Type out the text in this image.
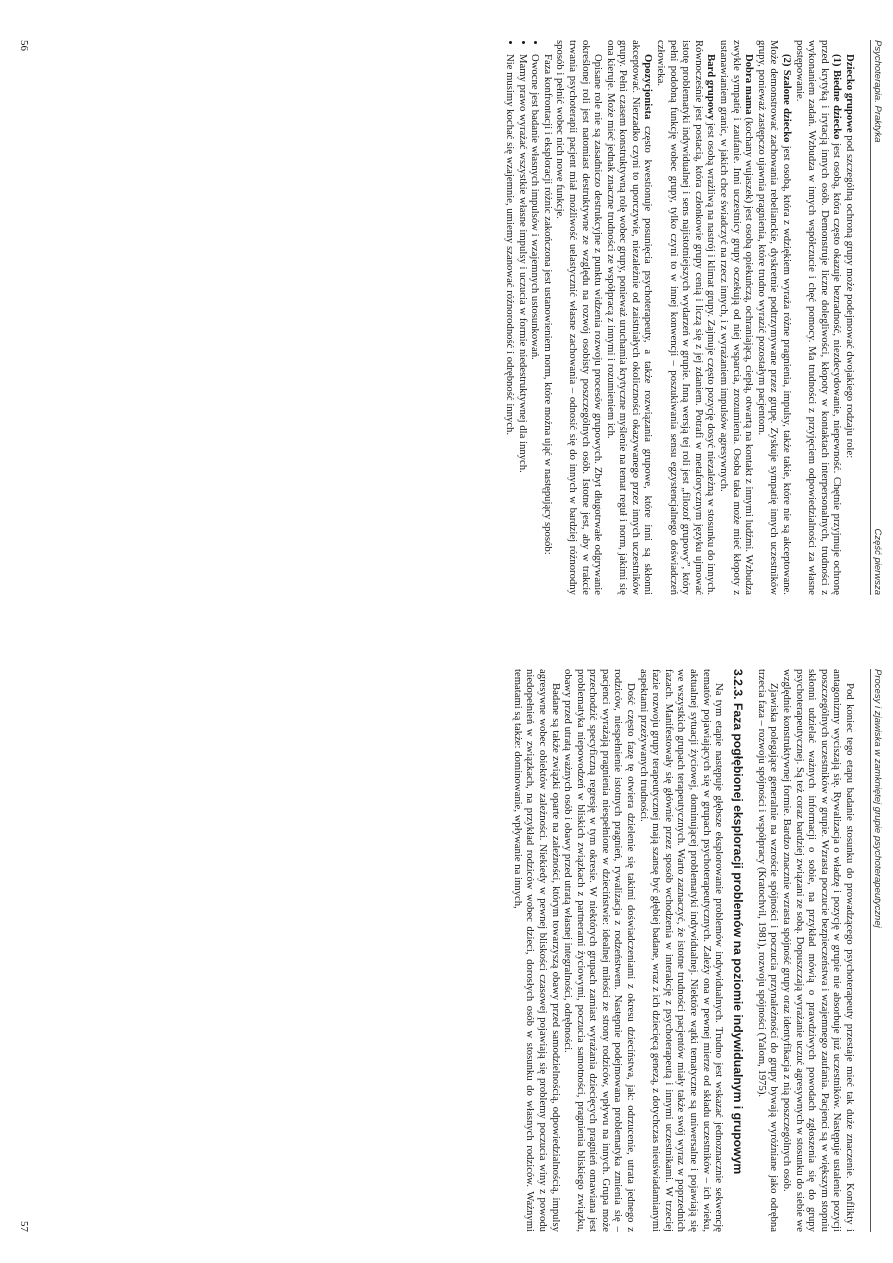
Psychoterapia. Praktyka
Część pierwsza

Dziecko grupowe pod szczególną ochroną grupy może podejmować dwojakiego rodzaju role:

(1) Biedne dziecko jest osobą, która często okazuje bezradność, niezdecydowanie, niepewność. Chętnie przyjmuje ochronę przed krytyką i irytacją innych osób. Demonstruje liczne dolegliwości, kłopoty w kontaktach interpersonalnych, trudności z wykonaniem zadań. Wzbudza w innych współczucie i chęć pomocy. Ma trudności z przyjęciem odpowiedzialności za własne postępowanie.

(2) Szalone dziecko jest osobą, która z wdziękiem wyraża różne pragnienia, impulsy, także takie, które nie są akceptowane. Może demonstrować zachowania rebelianckie, dyskretnie podtrzymywane przez grupę. Zyskuje sympatię innych uczestników grupy, ponieważ zastępczo ujawnia pragnienia, które trudno wyrazić pozostałym pacjentom.

Dobra mama (kochany wujaszek) jest osobą opiekuńczą, ochraniającą, ciepłą, otwartą na kontakt z innymi ludźmi. Wzbudza zwykle sympatię i zaufanie. Inni uczestnicy grupy oczekują od niej wsparcia, zrozumienia. Osoba taka może mieć kłopoty z ustanawianiem granic, w jakich chce świadczyć na rzecz innych, i z wyrażaniem impulsów agresywnych.

Bard grupowy jest osobą wrażliwą na nastrój i klimat grupy. Zajmuje często pozycję dosyć niezależną w stosunku do innych. Równocześnie jest postacią, która członkowie grupy cenią i liczą się z jej zdaniem. Potrafi w metaforycznym języku ujmować istotę problematyki indywidualnej i sens najistotniejszych wydarzeń w grupie. Inną wersją tej roli jest „filozof grupowy”, który pełni podobną funkcję wobec grupy, tylko czyni to w innej konwencji – poszukiwania sensu egzystencjalnego doświadczeń człowieka.

Opozycjonista często kwestionuje posunięcia psychoterapeuty, a także rozwiązania grupowe, które inni są skłonni akceptować. Nierzadko czyni to uporczywie, niezależnie od zaistniałych okoliczności okazywanego przez innych uczestników grupy. Pełni czasem konstruktywną rolę wobec grupy, ponieważ uruchamia krytyczne myślenie na temat reguł i norm, jakimi się ona kieruje. Może mieć jednak znaczne trudności ze współpracą z innymi i rozumieniem ich.

Opisane role nie są zasadniczo destrukcyjne z punktu widzenia rozwoju procesów grupowych. Zbyt długotrwałe odgrywanie określonej roli jest natomiast destruktywne ze względu na rozwój osobisty poszczególnych osób. Istotne jest, aby w trakcie trwania psychoterapii pacjent miał możliwość uelastycznić własne zachowania – odnosić się do innych w bardziej różnorodny sposób i pełnić wobec nich nowe funkcje.

Faza konfrontacji i eksploracji różnic zakończona jest ustanowieniem norm, które można ująć w następujący sposób:

• Owocne jest badanie własnych impulsów i wzajemnych ustosunkowań.
• Mamy prawo wyrażać wszystkie własne impulsy i uczucia w formie niedestruktywnej dla innych.
• Nie musimy kochać się wzajemnie, umiemy szanować różnorodność i odrębność innych.
56
Procesy i zjawiska w zamkniętej grupie psychoterapeutycznej

Pod koniec tego etapu badanie stosunku do prowadzącego psychoterapeuty przestaje mieć tak duże znaczenie. Konflikty i antagonizmy wyciszają się. Rywalizacja o władzę i pozycję w grupie nie absorbuje już uczestników. Następuje ustalenie pozycji poszczególnych uczestników w grupie. Wzrasta poczucie bezpieczeństwa i wzajemnego zaufania. Pacjenci są w większym stopniu skłonni udzielać ważnych informacji o sobie, na przykład mówią o prawdziwych powodach zgłoszenia się do grupy psychoterapeutycznej. Są też coraz bardziej związani ze sobą. Dopuszczają wyrażanie uczuć agresywnych w stosunku do siebie we względnie konstruktywnej formie. Bardzo znacznie wzrasta spójność grupy oraz identyfikacja z nią poszczególnych osób.

Zjawiska polegające generalnie na wzroście spójności i poczucia przynależności do grupy bywają wyróżniane jako odrębna trzecia faza – rozwoju spójności i współpracy (Kratochvil, 1981), rozwoju spójności (Yalom, 1975).

3.2.3. Faza pogłębionej eksploracji problemów na poziomie indywidualnym i grupowym

Na tym etapie następuje głębsze eksplorowanie problemów indywidualnych. Trudno jest wskazać jednoznacznie sekwencję tematów pojawiających się w grupach psychoterapeutycznych. Zależy ona w pewnej mierze od składu uczestników – ich wieku, aktualnej sytuacji życiowej, dominującej problematyki indywidualnej. Niektóre wątki tematyczne są uniwersalne i pojawiają się we wszystkich grupach terapeutycznych. Warto zaznaczyć, że istotne trudności pacjentów miały także swój wyraz w poprzednich fazach. Manifestowały się głównie przez sposób wchodzenia w interakcję z psychoterapeutą i innymi uczestnikami. W trzeciej fazie rozwoju grupy terapeutycznej mają szansę być głębiej badane, wraz z ich dziecięcą genezą, z dotychczas nieuświadamianymi aspektami przeżywanych trudności.

Dość często fazę tę otwiera dzielenie się takimi doświadczeniami z okresu dzieciństwa, jak: odrzucenie, utrata jednego z rodziców, niespełnienie istotnych pragnień, rywalizacja z rodzeństwem. Następnie podejmowana problematyka zmienia się – pacjenci wyrażają pragnienia niespełnione w dzieciństwie: idealnej miłości ze strony rodziców, wpływu na innych. Grupa może przechodzić specyficzną regresję w tym okresie. W niektórych grupach zamiast wyrażania dziecięcych pragnień omawiana jest problematyka niepowodzeń w bliskich związkach z partnerami życiowymi, poczucia samotności, pragnienia bliskiego związku, obawy przed utratą ważnych osób i obawy przed utratą własnej integralności, odrębności.

Badane są także związki oparte na zależności, którym towarzyszą obawy przed samodzielnością, odpowiedzialnością, impulsy agresywne wobec obiektów zależności. Niekiedy w pewnej bliskości czasowej pojawiają się problemy poczucia winy z powodu niedopełnień w związkach, na przykład rodziców wobec dzieci, dorosłych osób w stosunku do własnych rodziców. Ważnymi tematami są także: dominowanie, wpływanie na innych,

57
